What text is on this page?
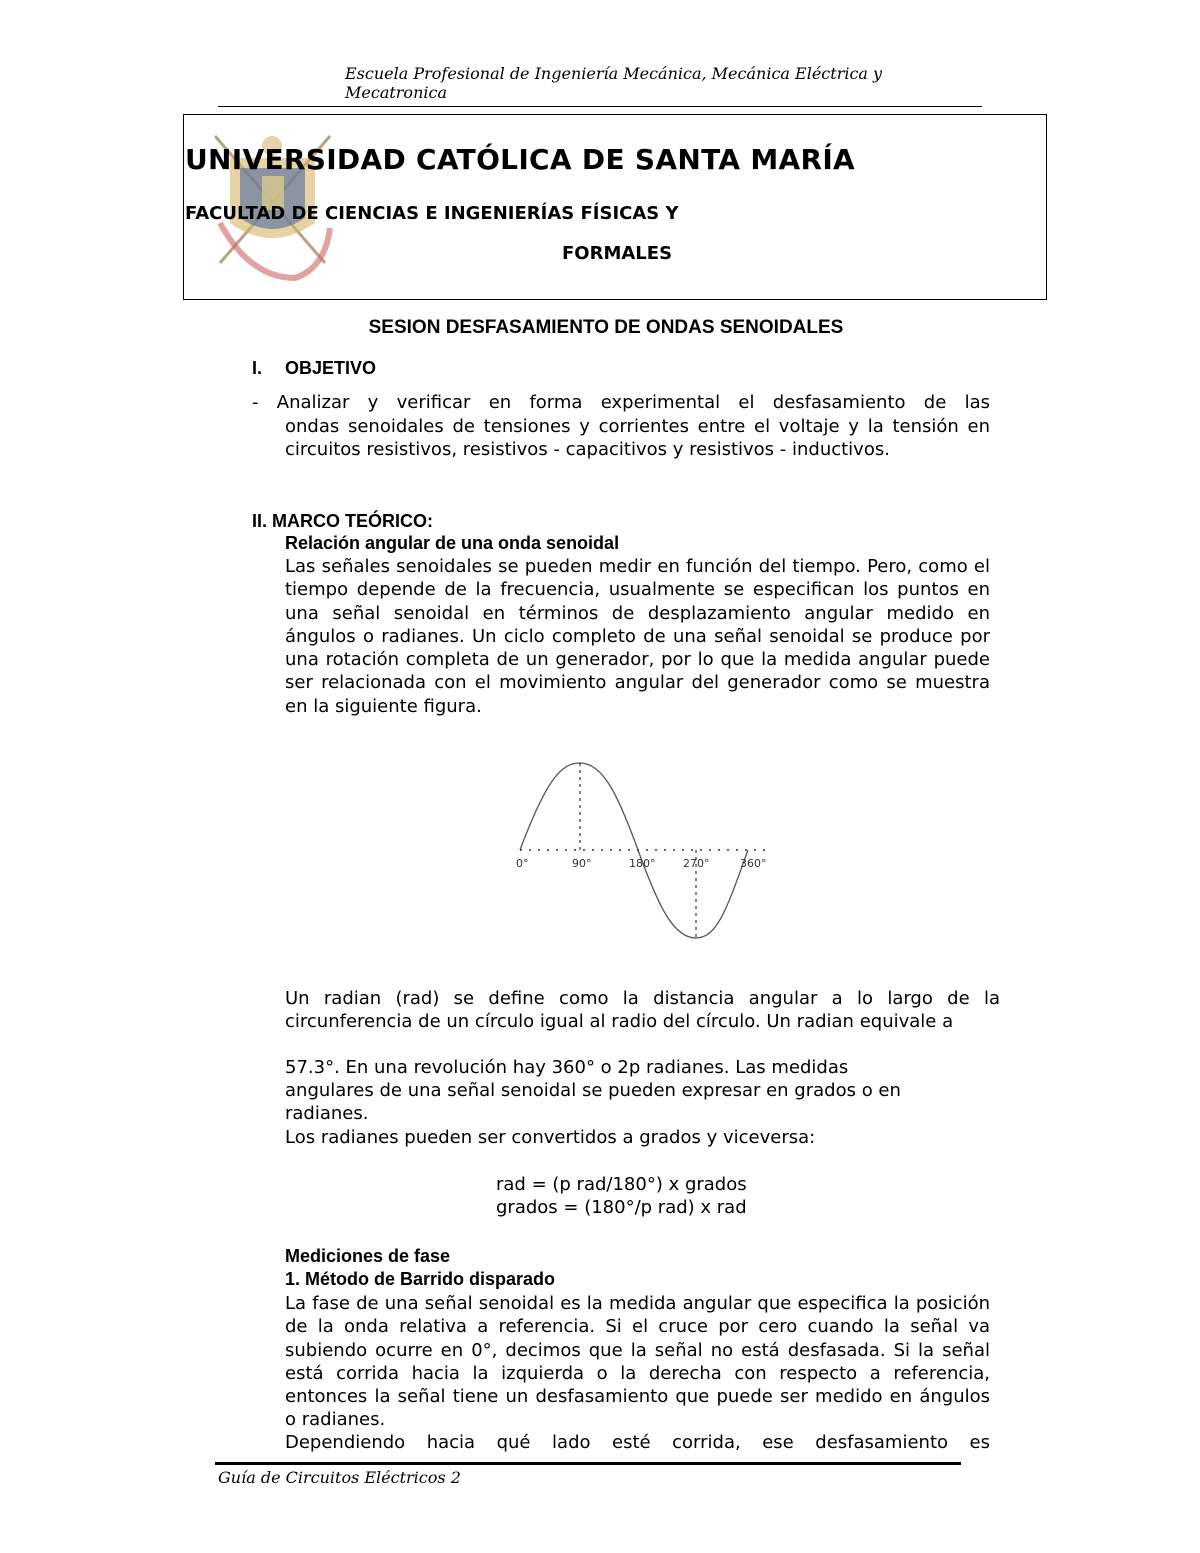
Escuela Profesional de Ingeniería Mecánica, Mecánica Eléctrica y Mecatronica
UNIVERSIDAD CATÓLICA DE SANTA MARÍA
FACULTAD DE CIENCIAS E INGENIERÍAS FÍSICAS Y
FORMALES
SESION DESFASAMIENTO DE ONDAS SENOIDALES
I. OBJETIVO
- Analizar y verificar en forma experimental el desfasamiento de las
ondas senoidales de tensiones y corrientes entre el voltaje y la tensión en circuitos resistivos, resistivos - capacitivos y resistivos - inductivos.
II. MARCO TEÓRICO:
Relación angular de una onda senoidal
Las señales senoidales se pueden medir en función del tiempo. Pero, como el tiempo depende de la frecuencia, usualmente se especifican los puntos en una señal senoidal en términos de desplazamiento angular medido en ángulos o radianes. Un ciclo completo de una señal senoidal se produce por una rotación completa de un generador, por lo que la medida angular puede ser relacionada con el movimiento angular del generador como se muestra en la siguiente figura.
0°	90°	180°	270°	360°
Un radian (rad) se define como la distancia angular a lo largo de la circunferencia de un círculo igual al radio del círculo. Un radian equivale a
57.3°. En una revolución hay 360° o 2p radianes. Las medidas
angulares de una señal senoidal se pueden expresar en grados o en
radianes.
Los radianes pueden ser convertidos a grados y viceversa:
rad = (p rad/180°) x grados
grados = (180°/p rad) x rad
Mediciones de fase
1. Método de Barrido disparado
La fase de una señal senoidal es la medida angular que especifica la posición de la onda relativa a referencia. Si el cruce por cero cuando la señal va subiendo ocurre en 0°, decimos que la señal no está desfasada. Si la señal está corrida hacia la izquierda o la derecha con respecto a referencia, entonces la señal tiene un desfasamiento que puede ser medido en ángulos o radianes.
Dependiendo hacia qué lado esté corrida, ese desfasamiento es
Guía de Circuitos Eléctricos 2
